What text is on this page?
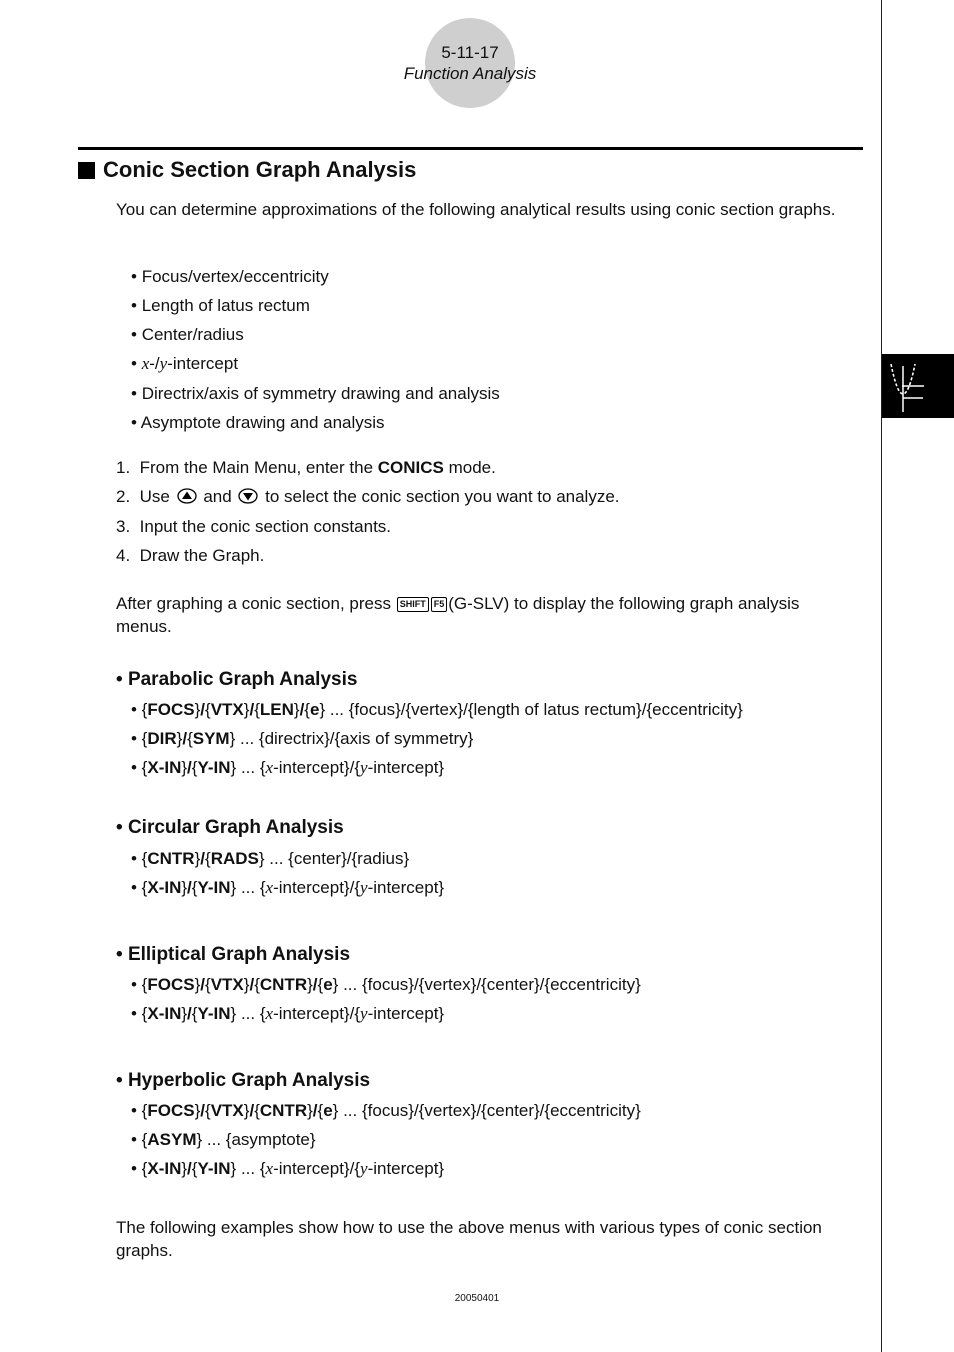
5-11-17
Function Analysis
Conic Section Graph Analysis
You can determine approximations of the following analytical results using conic section graphs.
• Focus/vertex/eccentricity
• Length of latus rectum
• Center/radius
• x-/y-intercept
• Directrix/axis of symmetry drawing and analysis
• Asymptote drawing and analysis
1. From the Main Menu, enter the CONICS mode.
2. Use  and  to select the conic section you want to analyze.
3. Input the conic section constants.
4. Draw the Graph.
After graphing a conic section, press SHIFT F5 (G-SLV) to display the following graph analysis menus.
• Parabolic Graph Analysis
• {FOCS}/{VTX}/{LEN}/{e} ... {focus}/{vertex}/{length of latus rectum}/{eccentricity}
• {DIR}/{SYM} ... {directrix}/{axis of symmetry}
• {X-IN}/{Y-IN} ... {x-intercept}/{y-intercept}
• Circular Graph Analysis
• {CNTR}/{RADS} ... {center}/{radius}
• {X-IN}/{Y-IN} ... {x-intercept}/{y-intercept}
• Elliptical Graph Analysis
• {FOCS}/{VTX}/{CNTR}/{e} ... {focus}/{vertex}/{center}/{eccentricity}
• {X-IN}/{Y-IN} ... {x-intercept}/{y-intercept}
• Hyperbolic Graph Analysis
• {FOCS}/{VTX}/{CNTR}/{e} ... {focus}/{vertex}/{center}/{eccentricity}
• {ASYM} ... {asymptote}
• {X-IN}/{Y-IN} ... {x-intercept}/{y-intercept}
The following examples show how to use the above menus with various types of conic section graphs.
20050401
